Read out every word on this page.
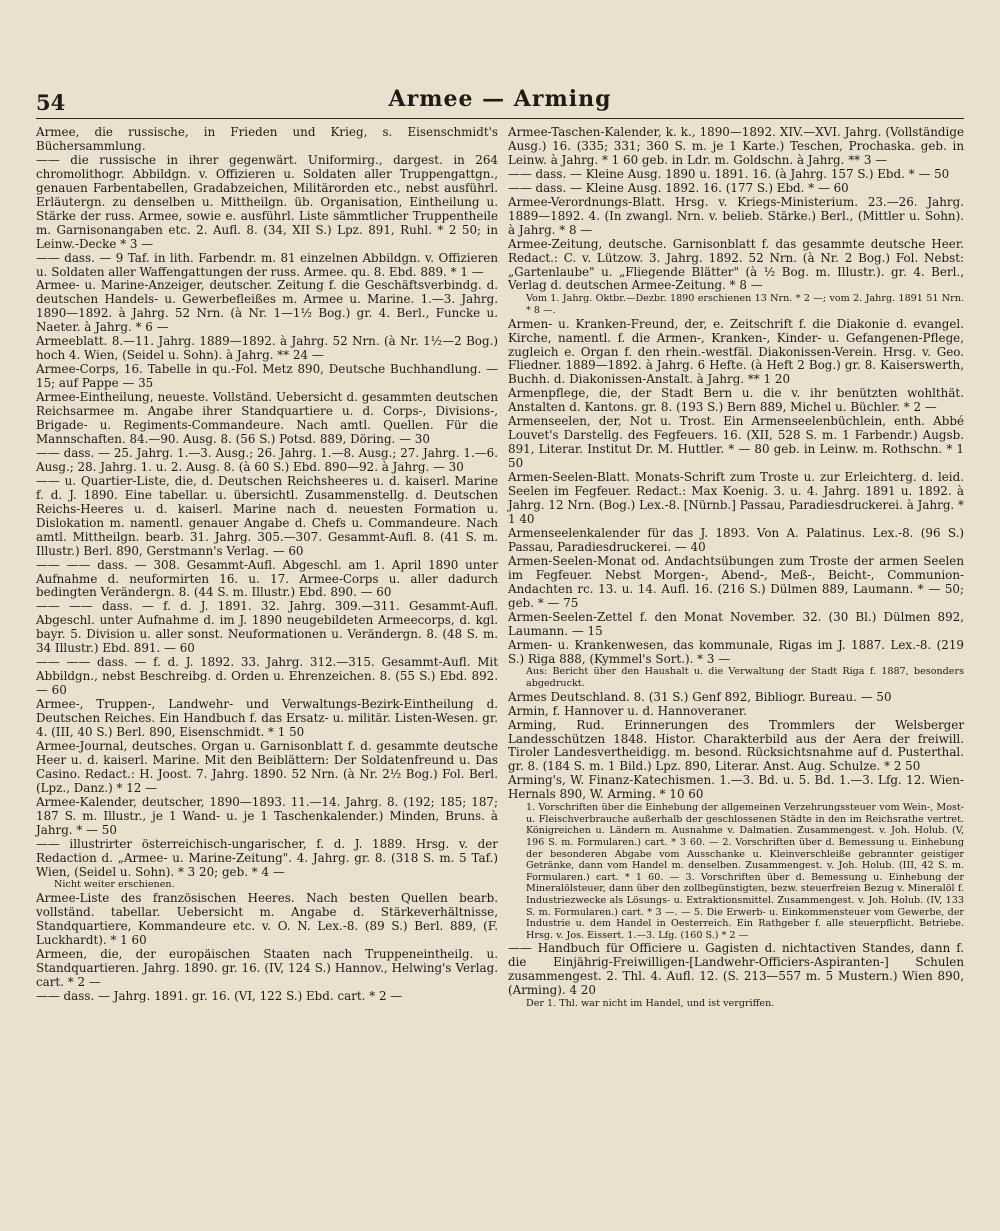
54	Armee — Arming

Armee, die russische, in Frieden und Krieg, s. Eisenschmidt's Büchersammlung.

—— die russische in ihrer gegenwärt. Uniformirg., dargest. in 264 chromolithogr. Abbildgn. v. Offizieren u. Soldaten aller Truppengattgn., genauen Farbentabellen, Gradabzeichen, Militärorden etc., nebst ausführl. Erläutergn. zu denselben u. Mittheilgn. üb. Organisation, Eintheilung u. Stärke der russ. Armee, sowie e. ausführl. Liste sämmtlicher Truppentheile m. Garnisonangaben etc. 2. Aufl. 8. (34, XII S.) Lpz. 891, Ruhl. * 2 50; in Leinw.-Decke * 3 —

—— dass. — 9 Taf. in lith. Farbendr. m. 81 einzelnen Abbildgn. v. Offizieren u. Soldaten aller Waffengattungen der russ. Armee. qu. 8. Ebd. 889. * 1 —

Armee- u. Marine-Anzeiger, deutscher. Zeitung f. die Geschäftsverbindg. d. deutschen Handels- u. Gewerbefleißes m. Armee u. Marine. 1.—3. Jahrg. 1890—1892. à Jahrg. 52 Nrn. (à Nr. 1—1½ Bog.) gr. 4. Berl., Funcke u. Naeter. à Jahrg. * 6 —

Armeeblatt. 8.—11. Jahrg. 1889—1892. à Jahrg. 52 Nrn. (à Nr. 1½—2 Bog.) hoch 4. Wien, (Seidel u. Sohn). à Jahrg. ** 24 —

Armee-Corps, 16. Tabelle in qu.-Fol. Metz 890, Deutsche Buchhandlung. — 15; auf Pappe — 35

Armee-Eintheilung, neueste. Vollständ. Uebersicht d. gesammten deutschen Reichsarmee m. Angabe ihrer Standquartiere u. d. Corps-, Divisions-, Brigade- u. Regiments-Commandeure. Nach amtl. Quellen. Für die Mannschaften. 84.—90. Ausg. 8. (56 S.) Potsd. 889, Döring. — 30

—— dass. — 25. Jahrg. 1.—3. Ausg.; 26. Jahrg. 1.—8. Ausg.; 27. Jahrg. 1.—6. Ausg.; 28. Jahrg. 1. u. 2. Ausg. 8. (à 60 S.) Ebd. 890—92. à Jahrg. — 30

—— u. Quartier-Liste, die, d. Deutschen Reichsheeres u. d. kaiserl. Marine f. d. J. 1890. Eine tabellar. u. übersichtl. Zusammenstellg. d. Deutschen Reichs-Heeres u. d. kaiserl. Marine nach d. neuesten Formation u. Dislokation m. namentl. genauer Angabe d. Chefs u. Commandeure. Nach amtl. Mittheilgn. bearb. 31. Jahrg. 305.—307. Gesammt-Aufl. 8. (41 S. m. Illustr.) Berl. 890, Gerstmann's Verlag. — 60

—— —— dass. — 308. Gesammt-Aufl. Abgeschl. am 1. April 1890 unter Aufnahme d. neuformirten 16. u. 17. Armee-Corps u. aller dadurch bedingten Verändergn. 8. (44 S. m. Illustr.) Ebd. 890. — 60

—— —— dass. — f. d. J. 1891. 32. Jahrg. 309.—311. Gesammt-Aufl. Abgeschl. unter Aufnahme d. im J. 1890 neugebildeten Armeecorps, d. kgl. bayr. 5. Division u. aller sonst. Neuformationen u. Verändergn. 8. (48 S. m. 34 Illustr.) Ebd. 891. — 60

—— —— dass. — f. d. J. 1892. 33. Jahrg. 312.—315. Gesammt-Aufl. Mit Abbildgn., nebst Beschreibg. d. Orden u. Ehrenzeichen. 8. (55 S.) Ebd. 892. — 60

Armee-, Truppen-, Landwehr- und Verwaltungs-Bezirk-Eintheilung d. Deutschen Reiches. Ein Handbuch f. das Ersatz- u. militär. Listen-Wesen. gr. 4. (III, 40 S.) Berl. 890, Eisenschmidt. * 1 50

Armee-Journal, deutsches. Organ u. Garnisonblatt f. d. gesammte deutsche Heer u. d. kaiserl. Marine. Mit den Beiblättern: Der Soldatenfreund u. Das Casino. Redact.: H. Joost. 7. Jahrg. 1890. 52 Nrn. (à Nr. 2½ Bog.) Fol. Berl. (Lpz., Danz.) * 12 —

Armee-Kalender, deutscher, 1890—1893. 11.—14. Jahrg. 8. (192; 185; 187; 187 S. m. Illustr., je 1 Wand- u. je 1 Taschenkalender.) Minden, Bruns. à Jahrg. * — 50

—— illustrirter österreichisch-ungarischer, f. d. J. 1889. Hrsg. v. der Redaction d. „Armee- u. Marine-Zeitung". 4. Jahrg. gr. 8. (318 S. m. 5 Taf.) Wien, (Seidel u. Sohn). * 3 20; geb. * 4 —

Nicht weiter erschienen.

Armee-Liste des französischen Heeres. Nach besten Quellen bearb. vollständ. tabellar. Uebersicht m. Angabe d. Stärkeverhältnisse, Standquartiere, Kommandeure etc. v. O. N. Lex.-8. (89 S.) Berl. 889, (F. Luckhardt). * 1 60

Armeen, die, der europäischen Staaten nach Truppeneintheilg. u. Standquartieren. Jahrg. 1890. gr. 16. (IV, 124 S.) Hannov., Helwing's Verlag. cart. * 2 —

—— dass. — Jahrg. 1891. gr. 16. (VI, 122 S.) Ebd. cart. * 2 —

Armee-Taschen-Kalender, k. k., 1890—1892. XIV.—XVI. Jahrg. (Vollständige Ausg.) 16. (335; 331; 360 S. m. je 1 Karte.) Teschen, Prochaska. geb. in Leinw. à Jahrg. * 1 60 geb. in Ldr. m. Goldschn. à Jahrg. ** 3 —

—— dass. — Kleine Ausg. 1890 u. 1891. 16. (à Jahrg. 157 S.) Ebd. * — 50

—— dass. — Kleine Ausg. 1892. 16. (177 S.) Ebd. * — 60

Armee-Verordnungs-Blatt. Hrsg. v. Kriegs-Ministerium. 23.—26. Jahrg. 1889—1892. 4. (In zwangl. Nrn. v. belieb. Stärke.) Berl., (Mittler u. Sohn). à Jahrg. * 8 —

Armee-Zeitung, deutsche. Garnisonblatt f. das gesammte deutsche Heer. Redact.: C. v. Lützow. 3. Jahrg. 1892. 52 Nrn. (à Nr. 2 Bog.) Fol. Nebst: „Gartenlaube" u. „Fliegende Blätter" (à ½ Bog. m. Illustr.). gr. 4. Berl., Verlag d. deutschen Armee-Zeitung. * 8 —

Vom 1. Jahrg. Oktbr.—Dezbr. 1890 erschienen 13 Nrn. * 2 —; vom 2. Jahrg. 1891 51 Nrn. * 8 —.

Armen- u. Kranken-Freund, der, e. Zeitschrift f. die Diakonie d. evangel. Kirche, namentl. f. die Armen-, Kranken-, Kinder- u. Gefangenen-Pflege, zugleich e. Organ f. den rhein.-westfäl. Diakonissen-Verein. Hrsg. v. Geo. Fliedner. 1889—1892. à Jahrg. 6 Hefte. (à Heft 2 Bog.) gr. 8. Kaiserswerth, Buchh. d. Diakonissen-Anstalt. à Jahrg. ** 1 20

Armenpflege, die, der Stadt Bern u. die v. ihr benützten wohlthät. Anstalten d. Kantons. gr. 8. (193 S.) Bern 889, Michel u. Büchler. * 2 —

Armenseelen, der, Not u. Trost. Ein Armenseelenbüchlein, enth. Abbé Louvet's Darstellg. des Fegfeuers. 16. (XII, 528 S. m. 1 Farbendr.) Augsb. 891, Literar. Institut Dr. M. Huttler. * — 80 geb. in Leinw. m. Rothschn. * 1 50

Armen-Seelen-Blatt. Monats-Schrift zum Troste u. zur Erleichterg. d. leid. Seelen im Fegfeuer. Redact.: Max Koenig. 3. u. 4. Jahrg. 1891 u. 1892. à Jahrg. 12 Nrn. (Bog.) Lex.-8. [Nürnb.] Passau, Paradiesdruckerei. à Jahrg. * 1 40

Armenseelenkalender für das J. 1893. Von A. Palatinus. Lex.-8. (96 S.) Passau, Paradiesdruckerei. — 40

Armen-Seelen-Monat od. Andachtsübungen zum Troste der armen Seelen im Fegfeuer. Nebst Morgen-, Abend-, Meß-, Beicht-, Communion-Andachten rc. 13. u. 14. Aufl. 16. (216 S.) Dülmen 889, Laumann. * — 50; geb. * — 75

Armen-Seelen-Zettel f. den Monat November. 32. (30 Bl.) Dülmen 892, Laumann. — 15

Armen- u. Krankenwesen, das kommunale, Rigas im J. 1887. Lex.-8. (219 S.) Riga 888, (Kymmel's Sort.). * 3 —

Aus: Bericht über den Haushalt u. die Verwaltung der Stadt Riga f. 1887, besonders abgedruckt.

Armes Deutschland. 8. (31 S.) Genf 892, Bibliogr. Bureau. — 50

Armin, f. Hannover u. d. Hannoveraner.

Arming, Rud. Erinnerungen des Trommlers der Welsberger Landesschützen 1848. Histor. Charakterbild aus der Aera der freiwill. Tiroler Landesvertheidigg. m. besond. Rücksichtsnahme auf d. Pusterthal. gr. 8. (184 S. m. 1 Bild.) Lpz. 890, Literar. Anst. Aug. Schulze. * 2 50

Arming's, W. Finanz-Katechismen. 1.—3. Bd. u. 5. Bd. 1.—3. Lfg. 12. Wien-Hernals 890, W. Arming. * 10 60

1. Vorschriften über die Einhebung der allgemeinen Verzehrungssteuer vom Wein-, Most- u. Fleischverbrauche außerhalb der geschlossenen Städte in den im Reichsrathe vertret. Königreichen u. Ländern m. Ausnahme v. Dalmatien. Zusammengest. v. Joh. Holub. (V, 196 S. m. Formularen.) cart. * 3 60. — 2. Vorschriften über d. Bemessung u. Einhebung der besonderen Abgabe vom Ausschanke u. Kleinverschleiße gebrannter geistiger Getränke, dann vom Handel m. denselben. Zusammengest. v. Joh. Holub. (III, 42 S. m. Formularen.) cart. * 1 60. — 3. Vorschriften über d. Bemessung u. Einhebung der Mineralölsteuer, dann über den zollbegünstigten, bezw. steuerfreien Bezug v. Mineralöl f. Industriezwecke als Lösungs- u. Extraktionsmittel. Zusammengest. v. Joh. Holub. (IV, 133 S. m. Formularen.) cart. * 3 —. — 5. Die Erwerb- u. Einkommensteuer vom Gewerbe, der Industrie u. dem Handel in Oesterreich. Ein Rathgeber f. alle steuerpflicht. Betriebe. Hrsg. v. Jos. Eissert. 1.—3. Lfg. (160 S.) * 2 —

—— Handbuch für Officiere u. Gagisten d. nichtactiven Standes, dann f. die Einjährig-Freiwilligen-[Landwehr-Officiers-Aspiranten-] Schulen zusammengest. 2. Thl. 4. Aufl. 12. (S. 213—557 m. 5 Mustern.) Wien 890, (Arming). 4 20

Der 1. Thl. war nicht im Handel, und ist vergriffen.
